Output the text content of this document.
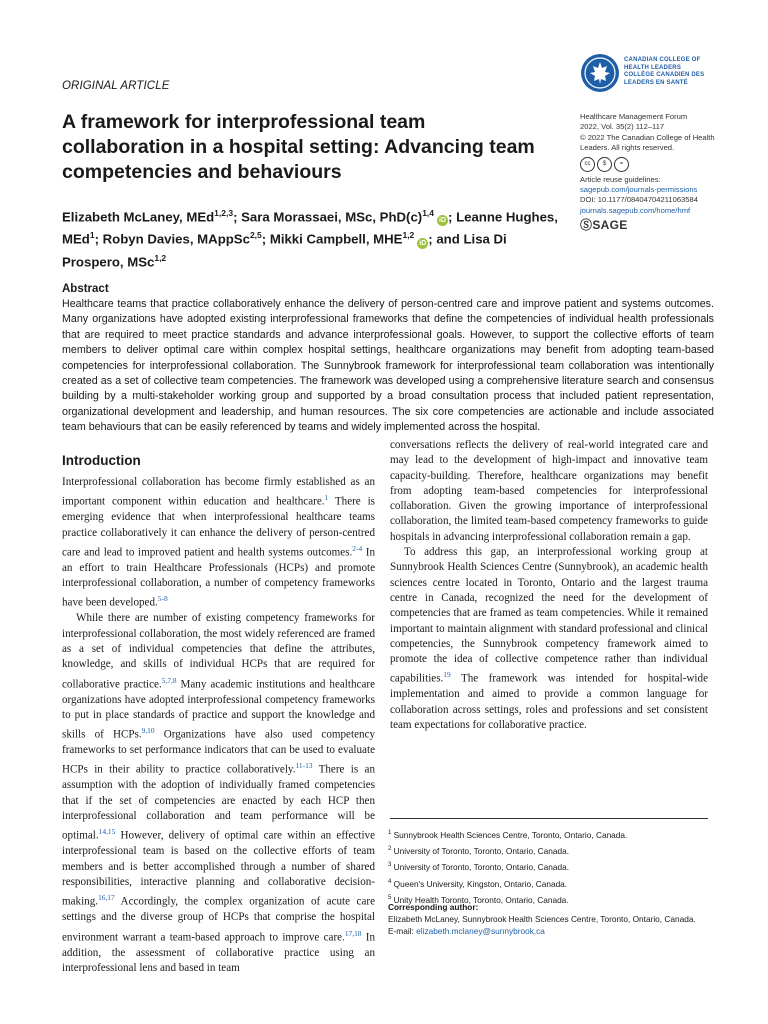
ORIGINAL ARTICLE
A framework for interprofessional team collaboration in a hospital setting: Advancing team competencies and behaviours
Elizabeth McLaney, MEd$^{1,2,3}$; Sara Morassaei, MSc, $PhD(c)^{1,4}iD$ ; Leanne Hughes, MEd$^1$; Robyn Davies, MAppSc$^{2,5}$; Mikki Campbell, MHE$^{1,2}$iD ; and Lisa Di Prospero, MSc$^{1,2}$
CANADIAN COLLEGE OF
HEALTH LEADERS
COLLÈGE CANADIEN DES
LEADERS EN SANTÉ
Healthcare Management Forum
2022, Vol. 35(2) 112–117
© 2022 The Canadian College of Health Leaders. All rights reserved.
cc	$	=
Article reuse guidelines:
sagepub.com/journals-permissions
DOI: 10.1177/08404704211063584
journals.sagepub.com/home/hmf
ⓈSAGE
Abstract
Healthcare teams that practice collaboratively enhance the delivery of person-centred care and improve patient and systems outcomes. Many organizations have adopted existing interprofessional frameworks that define the competencies of individual health professionals that are required to meet practice standards and advance interprofessional goals. However, to support the collective efforts of team members to deliver optimal care within complex hospital settings, healthcare organizations may benefit from adopting team-based competencies for interprofessional collaboration. The Sunnybrook framework for interprofessional team collaboration was intentionally created as a set of collective team competencies. The framework was developed using a comprehensive literature search and consensus building by a multi-stakeholder working group and supported by a broad consultation process that included patient representation, organizational development and leadership, and human resources. The six core competencies are actionable and include associated team behaviours that can be easily referenced by teams and widely implemented across the hospital.
Introduction

Interprofessional collaboration has become firmly established as an important component within education and healthcare.$^1$ There is emerging evidence that when interprofessional healthcare teams practice collaboratively it can enhance the delivery of person-centred care and lead to improved patient and health systems outcomes.$^{2-4}$ In an effort to train Healthcare Professionals (HCPs) and promote interprofessional collaboration, a number of competency frameworks have been developed.$^{5-8}$

While there are number of existing competency frameworks for interprofessional collaboration, the most widely referenced are framed as a set of individual competencies that define the attributes, knowledge, and skills of individual HCPs that are required for collaborative practice.$^{5,7,8}$ Many academic institutions and healthcare organizations have adopted interprofessional competency frameworks to put in place standards of practice and support the knowledge and skills of HCPs.$^{9,10}$ Organizations have also used competency frameworks to set performance indicators that can be used to evaluate HCPs in their ability to practice collaboratively.$^{11-13}$ There is an assumption with the adoption of individually framed competencies that if the set of competencies are enacted by each HCP then interprofessional collaboration and team performance will be optimal.$^{14,15}$ However, delivery of optimal care within an effective interprofessional team is based on the collective efforts of team members and is better accomplished through a number of shared responsibilities, interactive planning and collaborative decision-making.$^{16,17}$ Accordingly, the complex organization of acute care settings and the diverse group of HCPs that comprise the hospital environment warrant a team-based approach to improve care.$^{17,18}$ In addition, the assessment of collaborative practice using an interprofessional lens and based in team

conversations reflects the delivery of real-world integrated care and may lead to the development of high-impact and innovative team capacity-building. Therefore, healthcare organizations may benefit from adopting team-based competencies for interprofessional collaboration. Given the growing importance of interprofessional collaboration, the limited team-based competency frameworks to guide hospitals in advancing interprofessional collaboration remain a gap.

To address this gap, an interprofessional working group at Sunnybrook Health Sciences Centre (Sunnybrook), an academic health sciences centre located in Toronto, Ontario and the largest trauma centre in Canada, recognized the need for the development of competencies that are framed as team competencies. While it remained important to maintain alignment with standard professional and clinical competencies, the Sunnybrook competency framework aimed to promote the idea of collective competence rather than individual capabilities.$^{19}$ The framework was intended for hospital-wide implementation and aimed to provide a common language for collaboration across settings, roles and professions and set consistent team expectations for collaborative practice.

$^1$ Sunnybrook Health Sciences Centre, Toronto, Ontario, Canada.
$^2$ University of Toronto, Toronto, Ontario, Canada.
$^3$ University of Toronto, Toronto, Ontario, Canada.
$^4$ Queen's University, Kingston, Ontario, Canada.
$^5$ Unity Health Toronto, Toronto, Ontario, Canada.
Corresponding author:
Elizabeth McLaney, Sunnybrook Health Sciences Centre, Toronto, Ontario, Canada.
E-mail: elizabeth.mclaney@sunnybrook.ca
